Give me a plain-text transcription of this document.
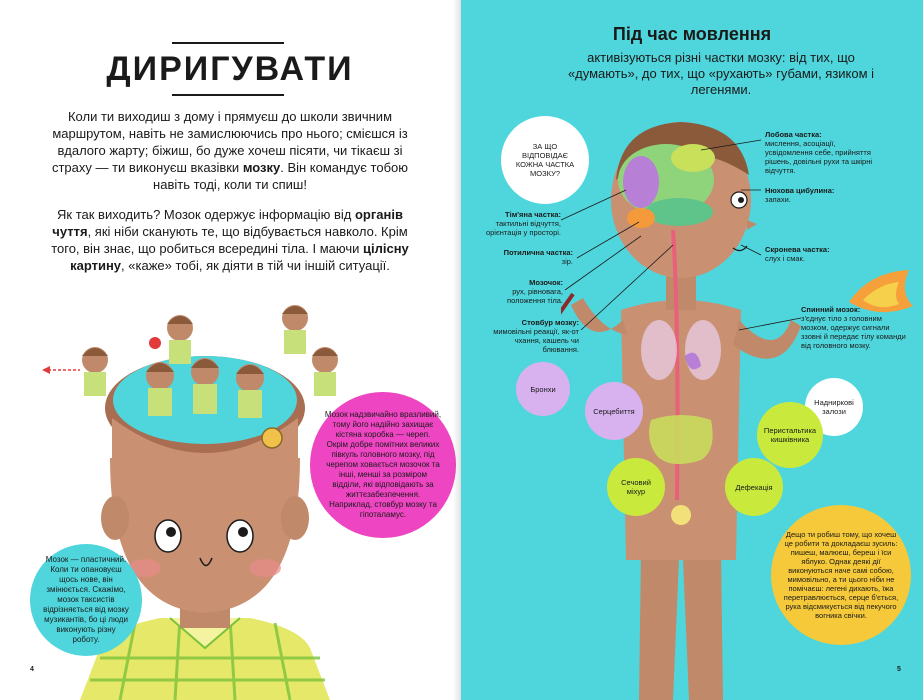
ДИРИГУВАТИ
Коли ти виходиш з дому і прямуєш до школи звичним маршрутом, навіть не замислюючись про нього; смієшся із вдалого жарту; біжиш, бо дуже хочеш пісяти, чи тікаєш зі страху — ти виконуєш вказівки мозку. Він командує тобою навіть тоді, коли ти спиш!
Як так виходить? Мозок одержує інформацію від органів чуття, які ніби сканують те, що відбувається навколо. Крім того, він знає, що робиться всередині тіла. І маючи цілісну картину, «каже» тобі, як діяти в тій чи іншій ситуації.
Мозок надзвичайно вразливий, тому його надійно захищає кістяна коробка — череп. Окрім добре помітних великих півкуль головного мозку, під черепом ховається мозочок та інші, менші за розміром відділи, які відповідають за життєзабезпечення. Наприклад, стовбур мозку та гіпоталамус.
Мозок — пластичний. Коли ти опановуєш щось нове, він змінюється. Скажімо, мозок таксистів відрізняється від мозку музикантів, бо ці люди виконують різну роботу.
4
Під час мовлення
активізуються різні частки мозку: від тих, що «думають», до тих, що «рухають» губами, язиком і легенями.
Лобова частка:
мислення, асоціації, усвідомлення себе, прийняття рішень, довільні рухи та шкірні відчуття.
Нюхова цибулина:
запахи.
Тім'яна частка:
тактильні відчуття, орієнтація у просторі.
Потилична частка:
зір.
Скронева частка:
слух і смак.
Мозочок:
рух, рівновага, положення тіла.
Стовбур мозку:
мимовільні реакції, як-от чхання, кашель чи блювання.
Спинний мозок:
з'єднує тіло з головним мозком, одержує сигнали ззовні й передає тілу команди від головного мозку.
ЗА ЩО ВІДПОВІДАЄ КОЖНА ЧАСТКА МОЗКУ?
Бронхи
Серцебиття
Надниркові залози
Перистальтика кишківника
Сечовий міхур	Дефекація
Дещо ти робиш тому, що хочеш це робити та докладаєш зусиль: пишеш, малюєш, береш і їси яблуко. Однак деякі дії виконуються наче самі собою, мимовільно, а ти цього ніби не помічаєш: легені дихають, їжа перетравлюється, серце б'ється, рука відсмикується від пекучого вогника свічки.
5
